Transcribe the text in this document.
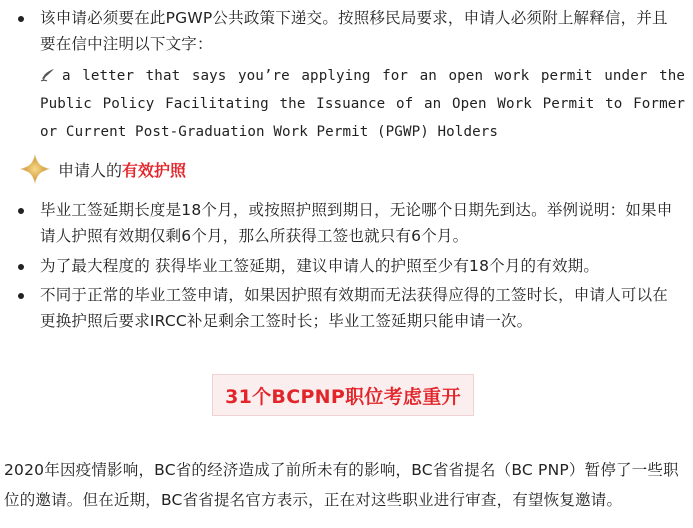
该申请必须要在此PGWP公共政策下递交。按照移民局要求，申请人必须附上解释信，并且要在信中注明以下文字：
a letter that says you’re applying for an open work permit under the Public Policy Facilitating the Issuance of an Open Work Permit to Former or Current Post-Graduation Work Permit (PGWP) Holders
申请人的有效护照
毕业工签延期长度是18个月，或按照护照到期日，无论哪个日期先到达。举例说明：如果申请人护照有效期仅剩6个月，那么所获得工签也就只有6个月。
为了最大程度的 获得毕业工签延期，建议申请人的护照至少有18个月的有效期。
不同于正常的毕业工签申请，如果因护照有效期而无法获得应得的工签时长，申请人可以在更换护照后要求IRCC补足剩余工签时长；毕业工签延期只能申请一次。
31个BCPNP职位考虑重开
2020年因疫情影响，BC省的经济造成了前所未有的影响，BC省省提名（BC PNP）暂停了一些职位的邀请。但在近期，BC省省提名官方表示，正在对这些职业进行审查，有望恢复邀请。
